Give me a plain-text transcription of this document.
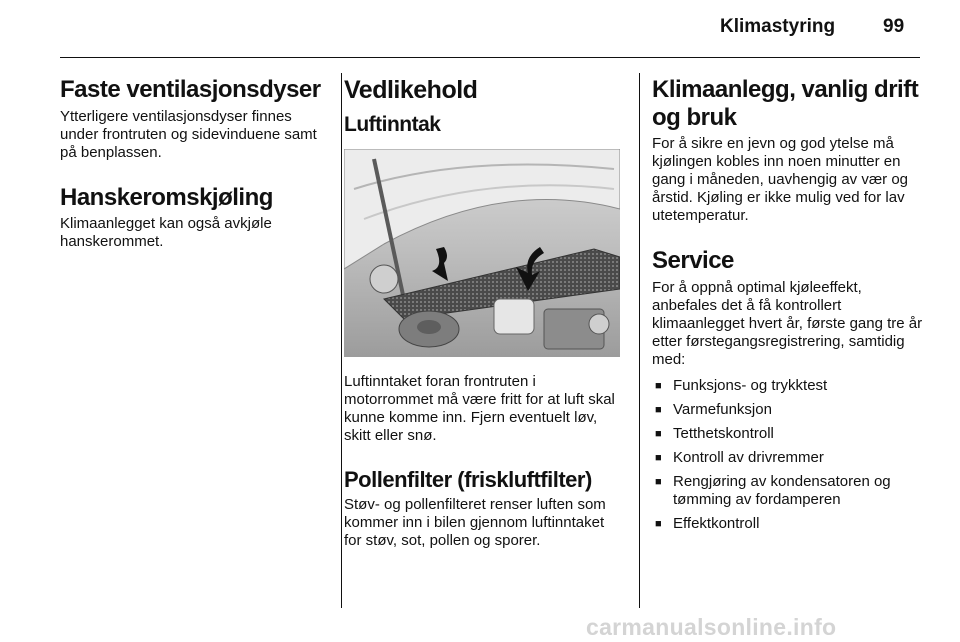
Klimastyring	99
Faste ventilasjonsdyser

Ytterligere ventilasjonsdyser finnes under frontruten og sidevinduene samt på benplassen.

Hanskeromskjøling

Klimaanlegget kan også avkjøle hanskerommet.

Vedlikehold
Luftinntak

Luftinntaket foran frontruten i motorrommet må være fritt for at luft skal kunne komme inn. Fjern eventuelt løv, skitt eller snø.

Pollenfilter (friskluftfilter)

Støv- og pollenfilteret renser luften som kommer inn i bilen gjennom luftinntaket for støv, sot, pollen og sporer.

Klimaanlegg, vanlig drift og bruk

For å sikre en jevn og god ytelse må kjølingen kobles inn noen minutter en gang i måneden, uavhengig av vær og årstid. Kjøling er ikke mulig ved for lav utetemperatur.

Service

For å oppnå optimal kjøleeffekt, anbefales det å få kontrollert klimaanlegget hvert år, første gang tre år etter førstegangsregistrering, samtidig med:

■ Funksjons- og trykktest
■ Varmefunksjon
■ Tetthetskontroll
■ Kontroll av drivremmer
■ Rengjøring av kondensatoren og tømming av fordamperen
■ Effektkontroll
carmanualsonline.info
